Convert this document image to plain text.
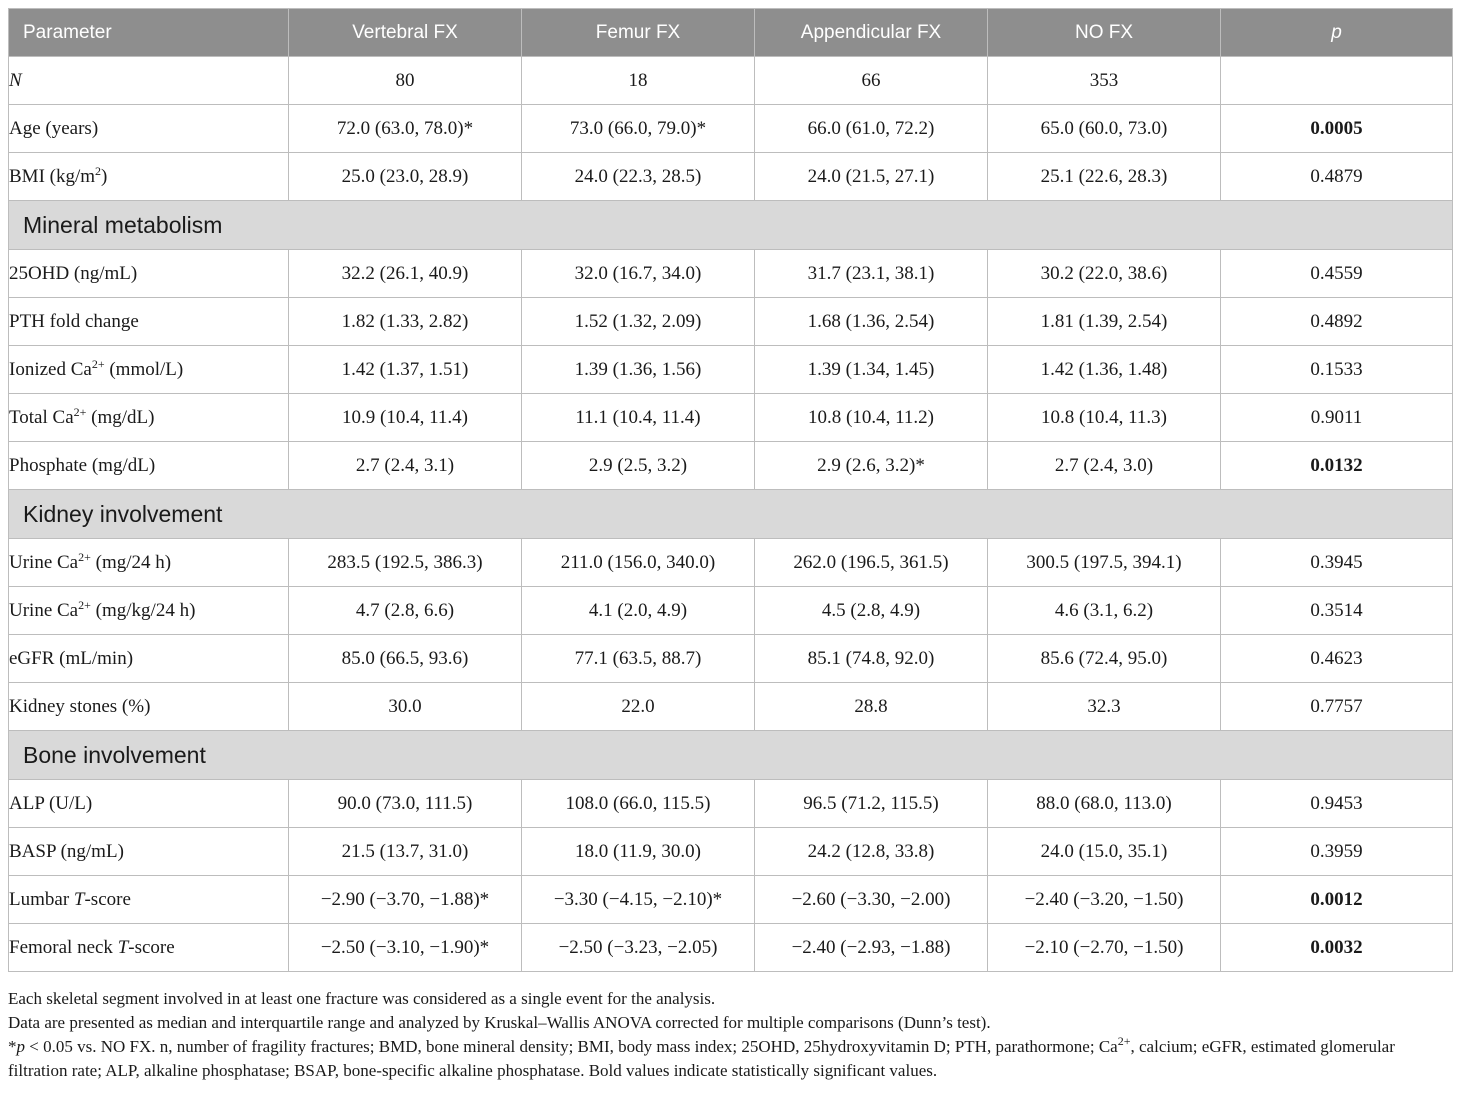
Parameter	Vertebral FX	Femur FX	Appendicular FX	NO FX	p
N	80	18	66	353	
Age (years)	72.0 (63.0, 78.0)*	73.0 (66.0, 79.0)*	66.0 (61.0, 72.2)	65.0 (60.0, 73.0)	0.0005
BMI $(kg/m^2)$	25.0 (23.0, 28.9)	24.0 (22.3, 28.5)	24.0 (21.5, 27.1)	25.1 (22.6, 28.3)	0.4879
Mineral metabolism					
25OHD (ng/mL)	32.2 (26.1, 40.9)	32.0 (16.7, 34.0)	31.7 (23.1, 38.1)	30.2 (22.0, 38.6)	0.4559
PTH fold change	1.82 (1.33, 2.82)	1.52 (1.32, 2.09)	1.68 (1.36, 2.54)	1.81 (1.39, 2.54)	0.4892
Ionized $Ca^{2+}$ (mmol/L)	1.42 (1.37, 1.51)	1.39 (1.36, 1.56)	1.39 (1.34, 1.45)	1.42 (1.36, 1.48)	0.1533
Total $Ca^{2+}$ (mg/dL)	10.9 (10.4, 11.4)	11.1 (10.4, 11.4)	10.8 (10.4, 11.2)	10.8 (10.4, 11.3)	0.9011
Phosphate (mg/dL)	2.7 (2.4, 3.1)	2.9 (2.5, 3.2)	2.9 (2.6, 3.2)*	2.7 (2.4, 3.0)	0.0132
Kidney involvement					
Urine $Ca^{2+}$ (mg/24 h)	283.5 (192.5, 386.3)	211.0 (156.0, 340.0)	262.0 (196.5, 361.5)	300.5 (197.5, 394.1)	0.3945
Urine $Ca^{2+}$ (mg/kg/24 h)	4.7 (2.8, 6.6)	4.1 (2.0, 4.9)	4.5 (2.8, 4.9)	4.6 (3.1, 6.2)	0.3514
eGFR (mL/min)	85.0 (66.5, 93.6)	77.1 (63.5, 88.7)	85.1 (74.8, 92.0)	85.6 (72.4, 95.0)	0.4623
Kidney stones (%)	30.0	22.0	28.8	32.3	0.7757
Bone involvement					
ALP (U/L)	90.0 (73.0, 111.5)	108.0 (66.0, 115.5)	96.5 (71.2, 115.5)	88.0 (68.0, 113.0)	0.9453
BASP (ng/mL)	21.5 (13.7, 31.0)	18.0 (11.9, 30.0)	24.2 (12.8, 33.8)	24.0 (15.0, 35.1)	0.3959
Lumbar T-score	−2.90 (−3.70, −1.88)*	−3.30 (−4.15, −2.10)*	−2.60 (−3.30, −2.00)	−2.40 (−3.20, −1.50)	0.0012
Femoral neck T-score	−2.50 (−3.10, −1.90)*	−2.50 (−3.23, −2.05)	−2.40 (−2.93, −1.88)	−2.10 (−2.70, −1.50)	0.0032

Each skeletal segment involved in at least one fracture was considered as a single event for the analysis.

Data are presented as median and interquartile range and analyzed by Kruskal–Wallis ANOVA corrected for multiple comparisons (Dunn’s test).

*p < 0.05 vs. NO FX. n, number of fragility fractures; BMD, bone mineral density; BMI, body mass index; 25OHD, 25hydroxyvitamin D; PTH, parathormone; $Ca^{2+}$, calcium; eGFR, estimated glomerular filtration rate; ALP, alkaline phosphatase; BSAP, bone-specific alkaline phosphatase. Bold values indicate statistically significant values.
